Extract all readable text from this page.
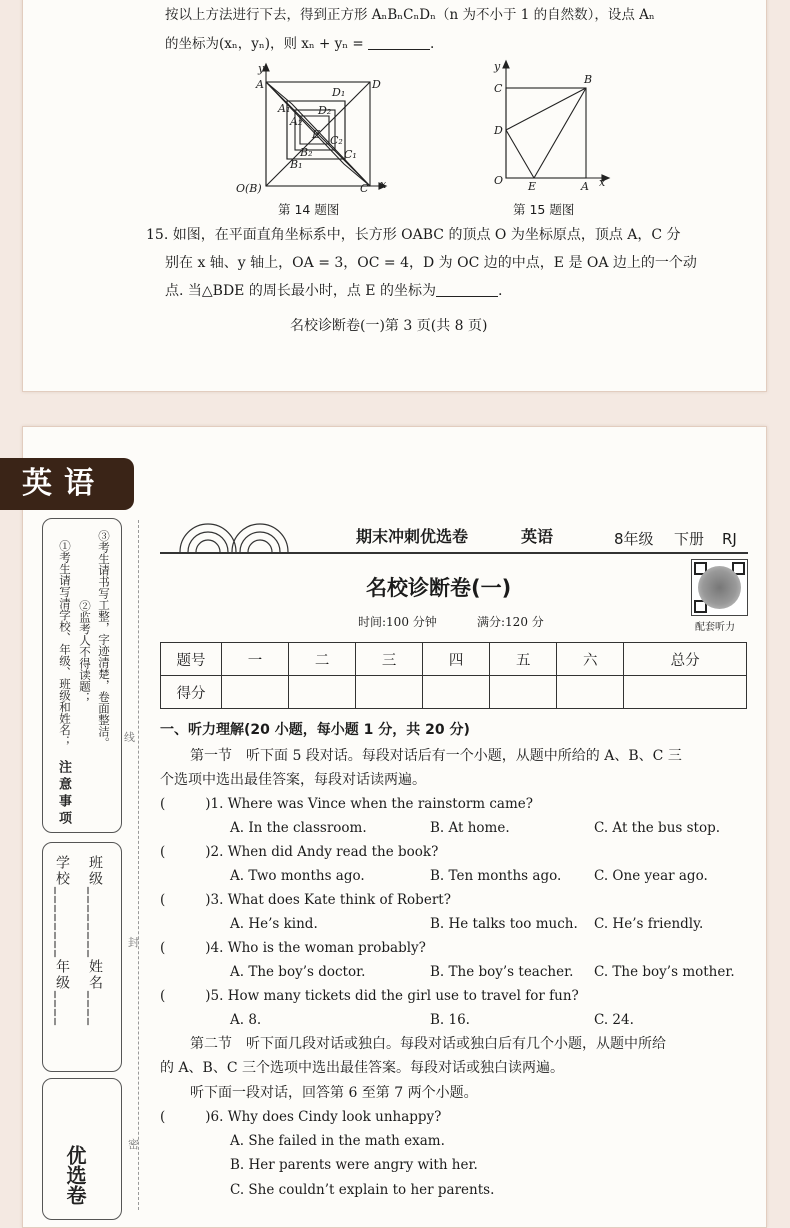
按以上方法进行下去，得到正方形 AₙBₙCₙDₙ（n 为不小于 1 的自然数），设点 Aₙ
的坐标为(xₙ，yₙ)，则 xₙ + yₙ =	.
y
A
D₁
D
A₁	D₂
A₂
E C₂
B₂	C₁
B₁
O(B)	C x
第 14 题图
y
B
C
D
O E	A x
第 15 题图
15. 如图，在平面直角坐标系中，长方形 OABC 的顶点 O 为坐标原点，顶点 A，C 分
别在 x 轴、y 轴上，OA = 3，OC = 4，D 为 OC 边的中点，E 是 OA 边上的一个动
点. 当△BDE 的周长最小时，点 E 的坐标为	.
名校诊断卷(一)第 3 页(共 8 页)
英语
注意事项
①考生请写清学校、年级、班级和姓名； ②监考人不得读题； ③考生请书写工整，字迹清楚，卷面整洁。
学校________年级____
班级________姓名____
优选卷
线
封
密
期末冲刺优选卷	英语	8年级 下册 RJ
名校诊断卷(一)
时间:100 分钟	满分:120 分	配套听力
题号	一	二	三	四	五	六	总分
得分							
一、听力理解(20 小题，每小题 1 分，共 20 分)
第一节　听下面 5 段对话。每段对话后有一个小题，从题中所给的 A、B、C 三
个选项中选出最佳答案，每段对话读两遍。
(	)1. Where was Vince when the rainstorm came?
A. In the classroom.	B. At home.	C. At the bus stop.
(	)2. When did Andy read the book?
A. Two months ago.	B. Ten months ago. C. One year ago.
(	)3. What does Kate think of Robert?
A. He’s kind.	B. He talks too much. C. He’s friendly.
(	)4. Who is the woman probably?
A. The boy’s doctor.	B. The boy’s teacher. C. The boy’s mother.
(	)5. How many tickets did the girl use to travel for fun?
A. 8.	B. 16.	C. 24.
第二节　听下面几段对话或独白。每段对话或独白后有几个小题，从题中所给
的 A、B、C 三个选项中选出最佳答案。每段对话或独白读两遍。
听下面一段对话，回答第 6 至第 7 两个小题。
(	)6. Why does Cindy look unhappy?
A. She failed in the math exam.
B. Her parents were angry with her.
C. She couldn’t explain to her parents.
